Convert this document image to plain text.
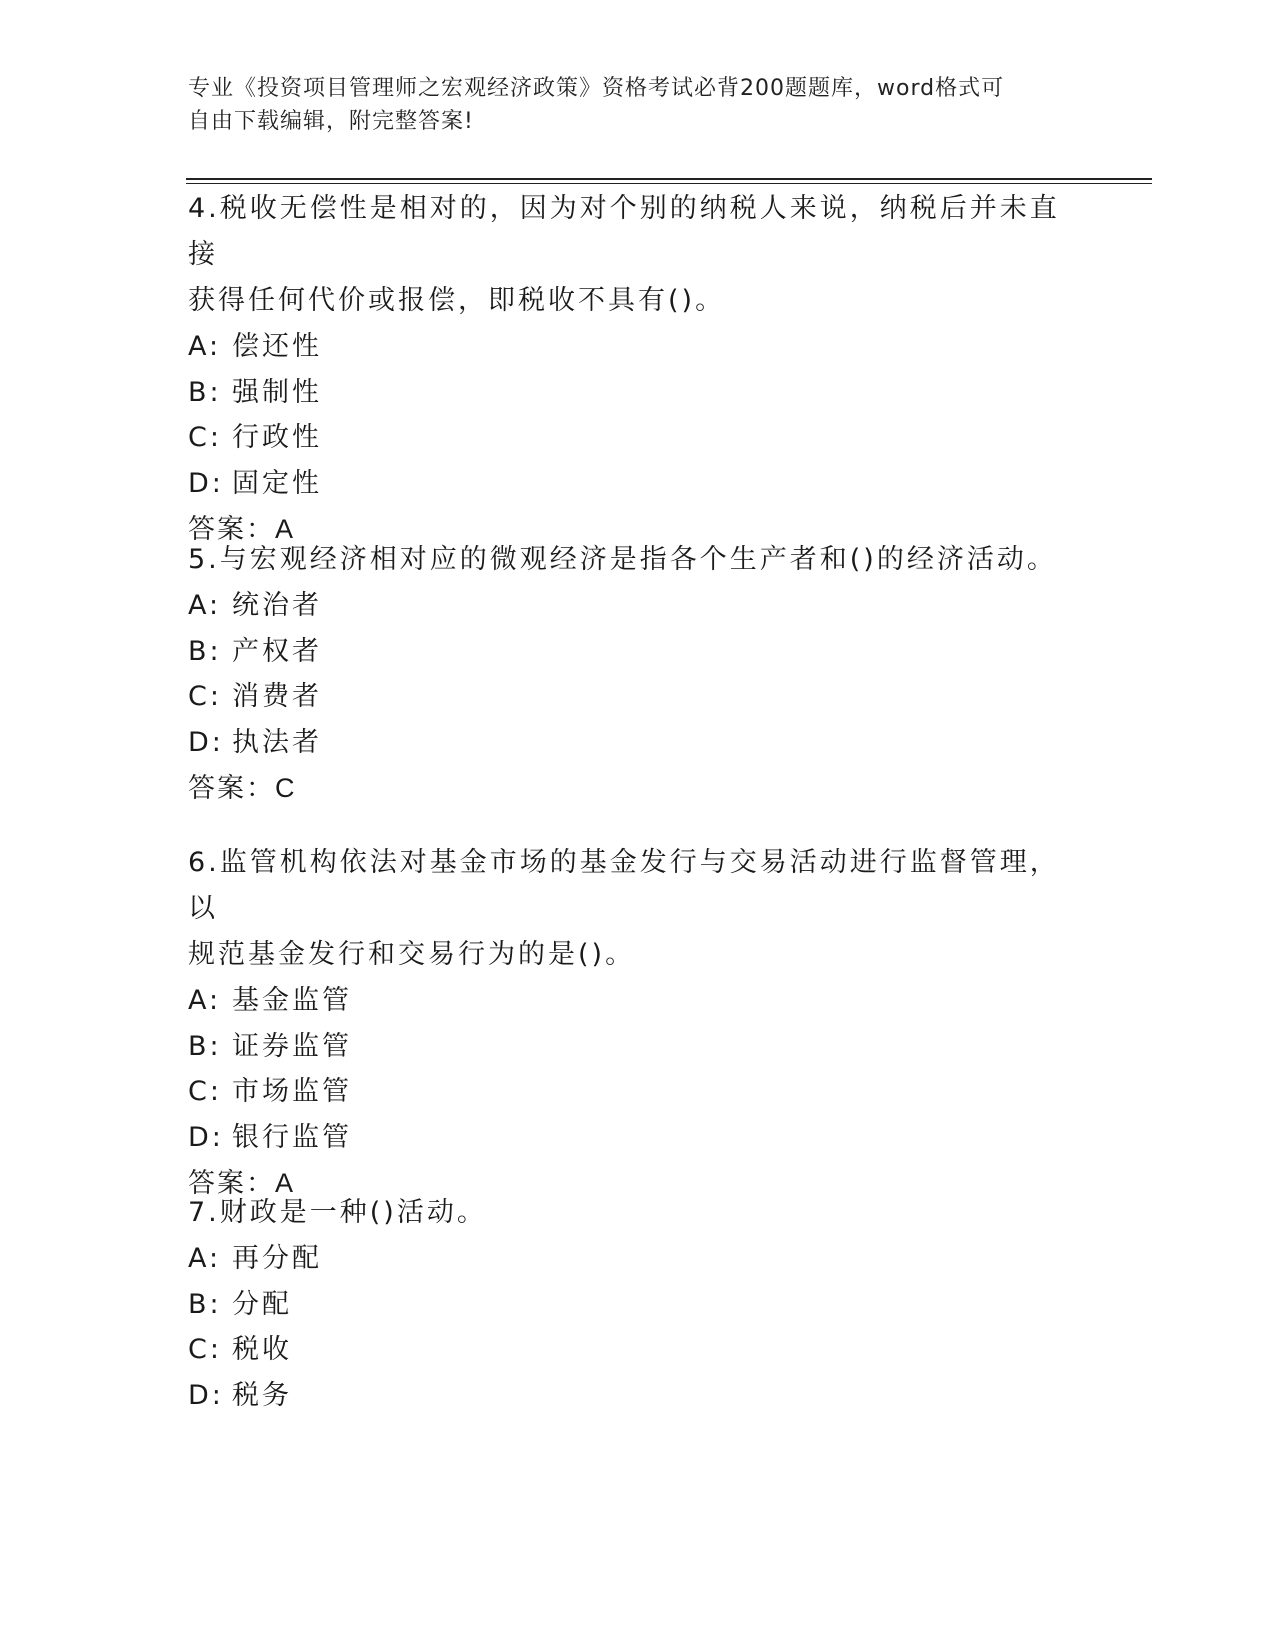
专业《投资项目管理师之宏观经济政策》资格考试必背200题题库，word格式可
自由下载编辑，附完整答案!

4.税收无偿性是相对的，因为对个别的纳税人来说，纳税后并未直接

获得任何代价或报偿，即税收不具有()。

A: 偿还性

B: 强制性

C: 行政性

D: 固定性

答案：A

5.与宏观经济相对应的微观经济是指各个生产者和()的经济活动。

A: 统治者

B: 产权者

C: 消费者

D: 执法者

答案：C

6.监管机构依法对基金市场的基金发行与交易活动进行监督管理，以

规范基金发行和交易行为的是()。

A: 基金监管

B: 证券监管

C: 市场监管

D: 银行监管

答案：A

7.财政是一种()活动。

A: 再分配

B: 分配

C: 税收

D: 税务
